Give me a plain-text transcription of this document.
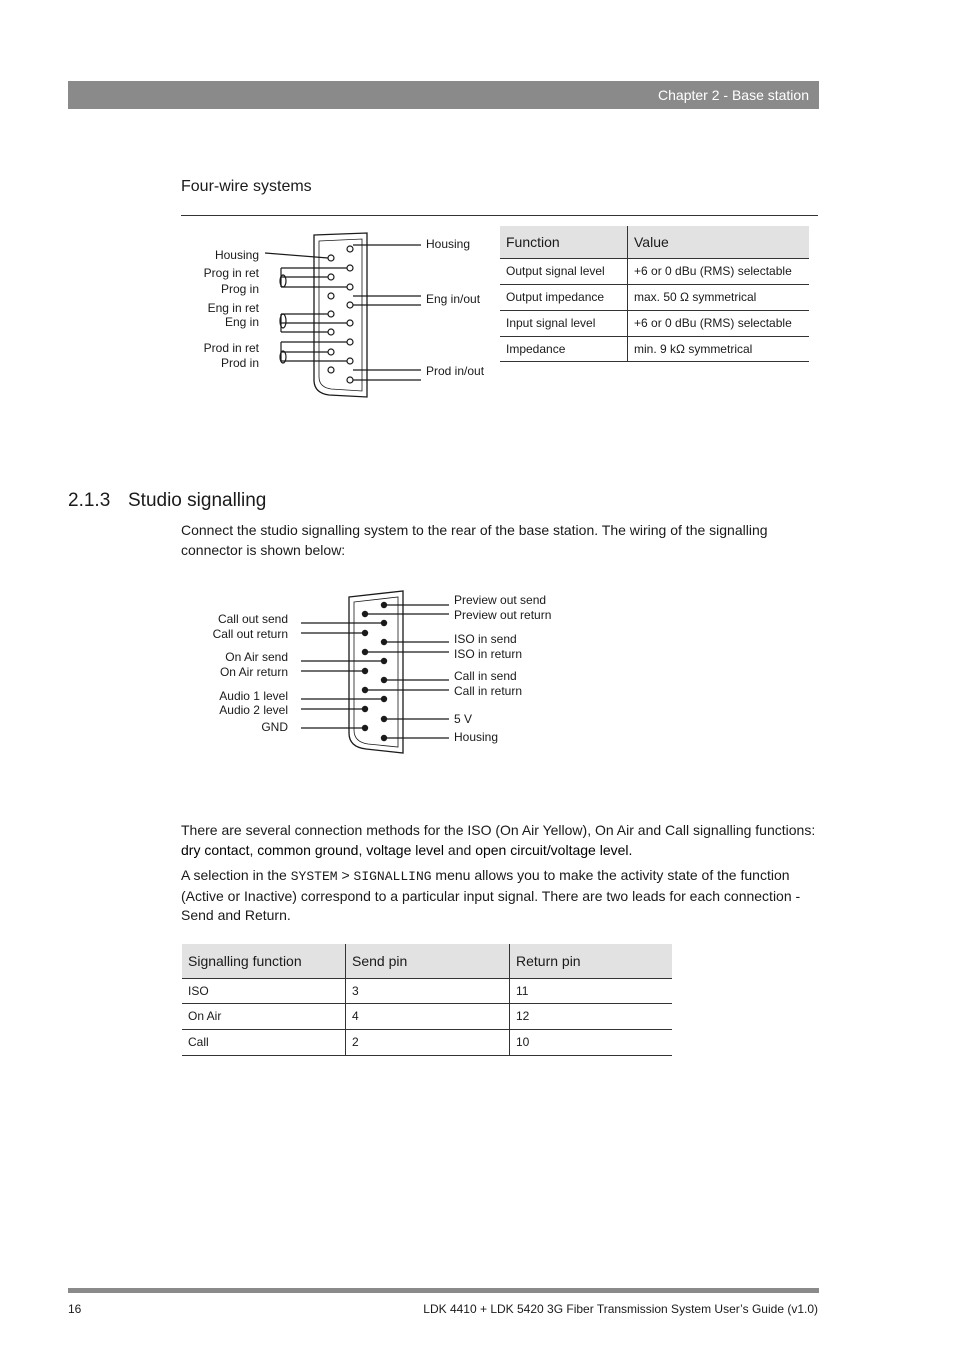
Chapter 2 - Base station
Four-wire systems
Housing
Prog in ret
Prog in
Eng in ret
Eng in
Prod in ret
Prod in
Housing
Eng in/out
Prod in/out
Function	Value
Output signal level	+6 or 0 dBu (RMS) selectable
Output impedance	max. 50 Ω symmetrical
Input signal level	+6 or 0 dBu (RMS) selectable
Impedance	min. 9 kΩ symmetrical
2.1.3 Studio signalling
Connect the studio signalling system to the rear of the base station. The wiring of the signalling connector is shown below:
Call out send
Call out return
On Air send
On Air return
Audio 1 level
Audio 2 level
GND
Preview out send
Preview out return
ISO in send
ISO in return
Call in send
Call in return
5 V
Housing
There are several connection methods for the ISO (On Air Yellow), On Air and Call signalling functions: dry contact, common ground, voltage level and open circuit/voltage level.
A selection in the SYSTEM > SIGNALLING menu allows you to make the activity state of the function (Active or Inactive) correspond to a particular input signal. There are two leads for each connection - Send and Return.
Signalling function	Send pin	Return pin
ISO	3	11
On Air	4	12
Call	2	10
16	LDK 4410 + LDK 5420 3G Fiber Transmission System User’s Guide (v1.0)
